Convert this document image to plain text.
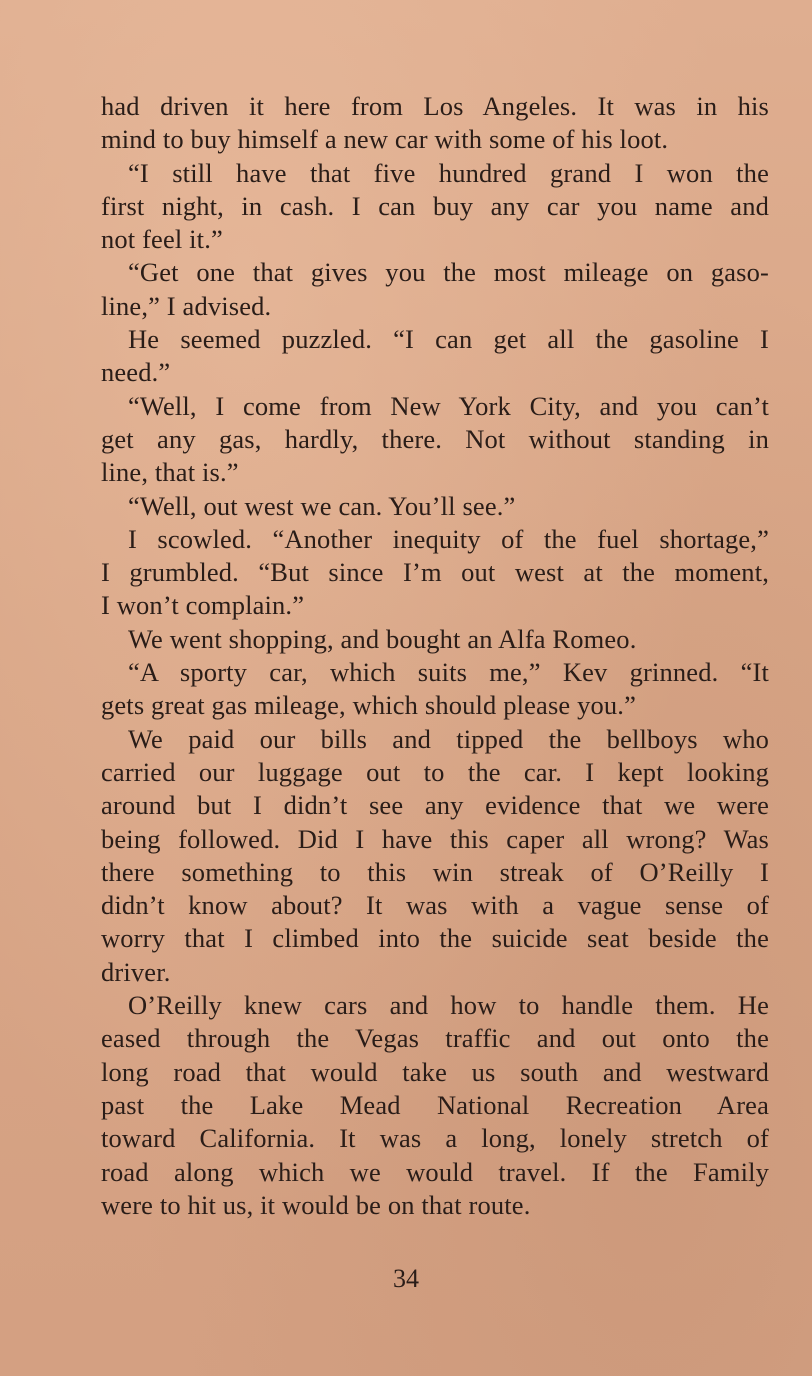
had driven it here from Los Angeles. It was in his
mind to buy himself a new car with some of his loot.
“I still have that five hundred grand I won the
first night, in cash. I can buy any car you name and
not feel it.”
“Get one that gives you the most mileage on gaso-
line,” I advised.
He seemed puzzled. “I can get all the gasoline I
need.”
“Well, I come from New York City, and you can’t
get any gas, hardly, there. Not without standing in
line, that is.”
“Well, out west we can. You’ll see.”
I scowled. “Another inequity of the fuel shortage,”
I grumbled. “But since I’m out west at the moment,
I won’t complain.”
We went shopping, and bought an Alfa Romeo.
“A sporty car, which suits me,” Kev grinned. “It
gets great gas mileage, which should please you.”
We paid our bills and tipped the bellboys who
carried our luggage out to the car. I kept looking
around but I didn’t see any evidence that we were
being followed. Did I have this caper all wrong? Was
there something to this win streak of O’Reilly I
didn’t know about? It was with a vague sense of
worry that I climbed into the suicide seat beside the
driver.
O’Reilly knew cars and how to handle them. He
eased through the Vegas traffic and out onto the
long road that would take us south and westward
past the Lake Mead National Recreation Area
toward California. It was a long, lonely stretch of
road along which we would travel. If the Family
were to hit us, it would be on that route.
34
